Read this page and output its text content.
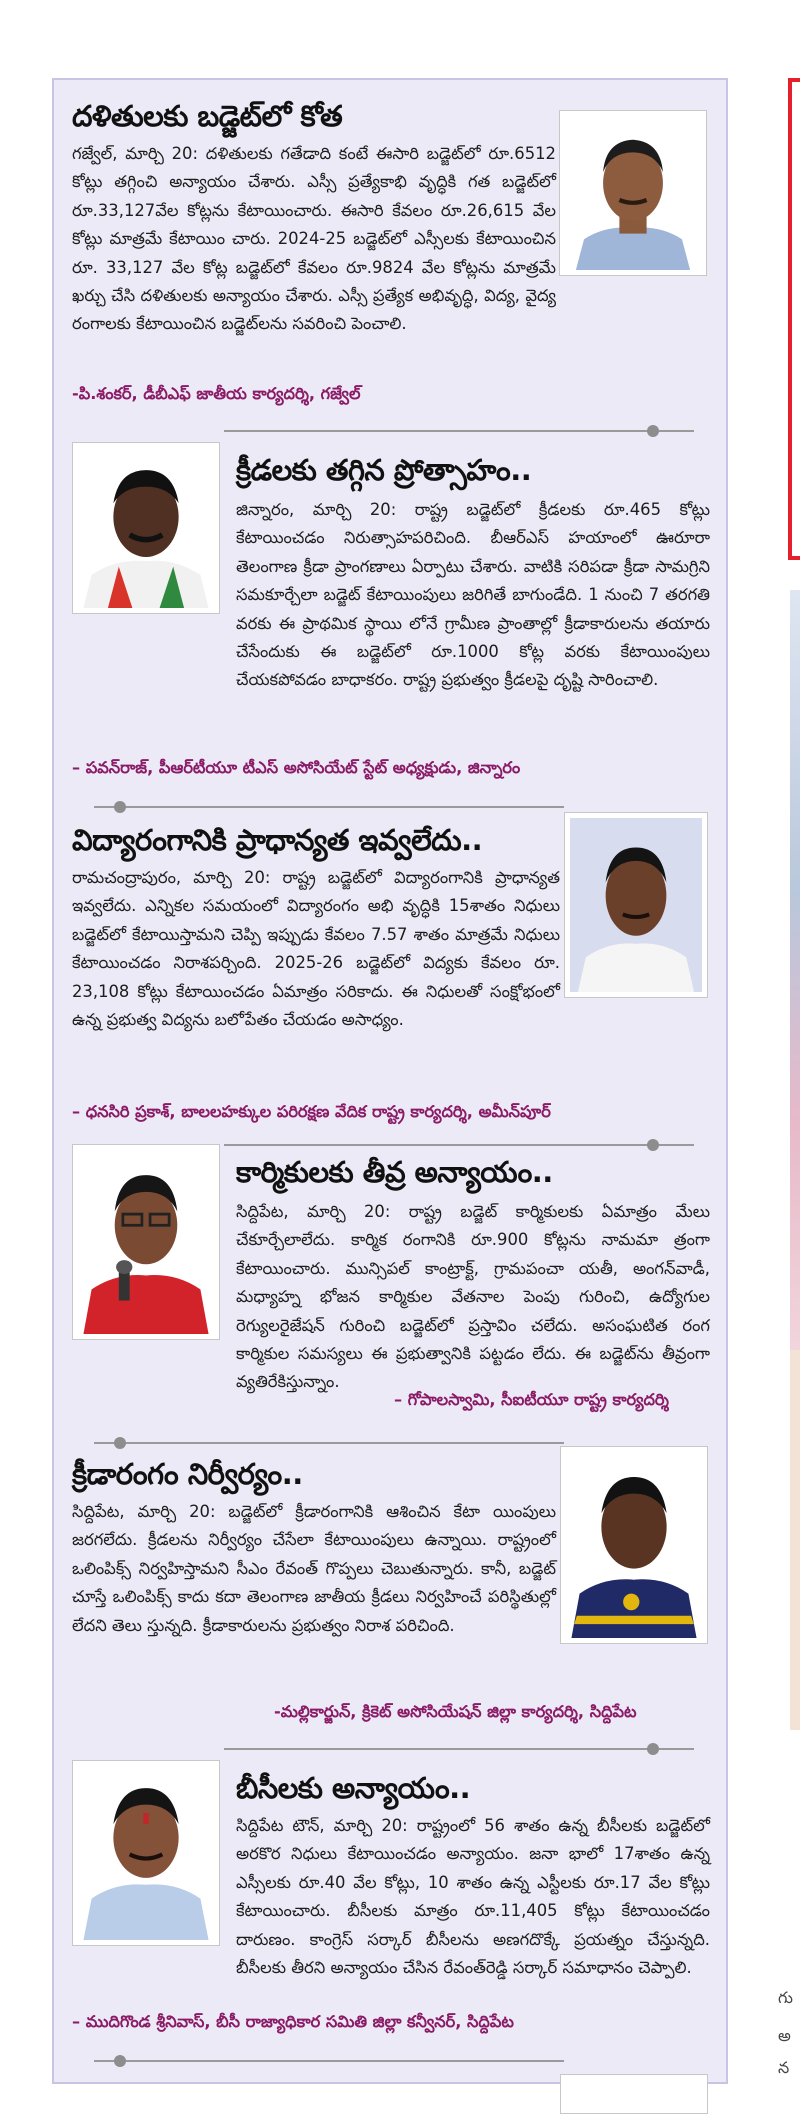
గు
అ
న
దళితులకు బడ్జెట్‌లో కోత

గజ్వేల్‌, మార్చి 20: దళితులకు గతేడాది కంటే ఈసారి బడ్జెట్‌లో రూ.6512 కోట్లు తగ్గించి అన్యాయం చేశారు. ఎస్సీ ప్రత్యేకాభి వృద్ధికి గత బడ్జెట్‌లో రూ.33,127వేల కోట్లను కేటాయించారు. ఈసారి కేవలం రూ.26,615 వేల కోట్లు మాత్రమే కేటాయిం చారు. 2024-25 బడ్జెట్‌లో ఎస్సీలకు కేటాయించిన రూ. 33,127 వేల కోట్ల బడ్జెట్‌లో కేవలం రూ.9824 వేల కోట్లను మాత్రమే ఖర్చు చేసి దళితులకు అన్యాయం చేశారు. ఎస్సీ ప్రత్యేక అభివృద్ధి, విద్య, వైద్య రంగాలకు కేటాయించిన బడ్జెట్‌లను సవరించి పెంచాలి.

-పి.శంకర్‌, డీబీఎఫ్‌ జాతీయ కార్యదర్శి, గజ్వేల్‌
క్రీడలకు తగ్గిన ప్రోత్సాహం..

జిన్నారం, మార్చి 20: రాష్ట్ర బడ్జెట్‌లో క్రీడలకు రూ.465 కోట్లు కేటాయించడం నిరుత్సాహపరిచింది. బీఆర్‌ఎస్‌ హయాంలో ఊరూరా తెలంగాణ క్రీడా ప్రాంగణాలు ఏర్పాటు చేశారు. వాటికి సరిపడా క్రీడా సామగ్రిని సమకూర్చేలా బడ్జెట్‌ కేటాయింపులు జరిగితే బాగుండేది. 1 నుంచి 7 తరగతి వరకు ఈ ప్రాథమిక స్థాయి లోనే గ్రామీణ ప్రాంతాల్లో క్రీడాకారులను తయారు చేసేందుకు ఈ బడ్జెట్‌లో రూ.1000 కోట్ల వరకు కేటాయింపులు చేయకపోవడం బాధాకరం. రాష్ట్ర ప్రభుత్వం క్రీడలపై దృష్టి సారించాలి.

– పవన్‌రాజ్‌, పీఆర్‌టీయూ టీఎస్‌ అసోసియేట్‌ స్టేట్‌ అధ్యక్షుడు, జిన్నారం
విద్యారంగానికి ప్రాధాన్యత ఇవ్వలేదు..

రామచంద్రాపురం, మార్చి 20: రాష్ట్ర బడ్జెట్‌లో విద్యారంగానికి ప్రాధాన్యత ఇవ్వలేదు. ఎన్నికల సమయంలో విద్యారంగం అభి వృద్ధికి 15శాతం నిధులు బడ్జెట్‌లో కేటాయిస్తామని చెప్పి ఇప్పుడు కేవలం 7.57 శాతం మాత్రమే నిధులు కేటాయించడం నిరాశపర్చింది. 2025-26 బడ్జెట్‌లో విద్యకు కేవలం రూ. 23,108 కోట్లు కేటాయించడం ఏమాత్రం సరికాదు. ఈ నిధులతో సంక్షోభంలో ఉన్న ప్రభుత్వ విద్యను బలోపేతం చేయడం అసాధ్యం.

– ధనసిరి ప్రకాశ్‌, బాలలహక్కుల పరిరక్షణ వేదిక రాష్ట్ర కార్యదర్శి, అమీన్‌పూర్‌
కార్మికులకు తీవ్ర అన్యాయం..

సిద్దిపేట, మార్చి 20: రాష్ట్ర బడ్జెట్‌ కార్మికులకు ఏమాత్రం మేలు చేకూర్చేలాలేదు. కార్మిక రంగానికి రూ.900 కోట్లను నామమా త్రంగా కేటాయించారు. మున్సిపల్‌ కాంట్రాక్ట్‌, గ్రామపంచా యతీ, అంగన్‌వాడీ, మధ్యాహ్న భోజన కార్మికుల వేతనాల పెంపు గురించి, ఉద్యోగుల రెగ్యులరైజేషన్‌ గురించి బడ్జెట్‌లో ప్రస్తావిం చలేదు. అసంఘటిత రంగ కార్మికుల సమస్యలు ఈ ప్రభుత్వానికి పట్టడం లేదు. ఈ బడ్జెట్‌ను తీవ్రంగా వ్యతిరేకిస్తున్నాం.

– గోపాలస్వామి, సీఐటీయూ రాష్ట్ర కార్యదర్శి
క్రీడారంగం నిర్వీర్యం..

సిద్దిపేట, మార్చి 20: బడ్జెట్‌లో క్రీడారంగానికి ఆశించిన కేటా యింపులు జరగలేదు. క్రీడలను నిర్వీర్యం చేసేలా కేటాయింపులు ఉన్నాయి. రాష్ట్రంలో ఒలింపిక్స్‌ నిర్వహిస్తామని సీఎం రేవంత్‌ గొప్పలు చెబుతున్నారు. కానీ, బడ్జెట్‌ చూస్తే ఒలింపిక్స్‌ కాదు కదా తెలంగాణ జాతీయ క్రీడలు నిర్వహించే పరిస్థితుల్లో లేదని తెలు స్తున్నది. క్రీడాకారులను ప్రభుత్వం నిరాశ పరిచింది.

-మల్లికార్జున్‌, క్రికెట్‌ అసోసియేషన్‌ జిల్లా కార్యదర్శి, సిద్దిపేట
బీసీలకు అన్యాయం..

సిద్దిపేట టౌన్‌, మార్చి 20: రాష్ట్రంలో 56 శాతం ఉన్న బీసీలకు బడ్జెట్‌లో అరకొర నిధులు కేటాయించడం అన్యాయం. జనా భాలో 17శాతం ఉన్న ఎస్సీలకు రూ.40 వేల కోట్లు, 10 శాతం ఉన్న ఎస్టీలకు రూ.17 వేల కోట్లు కేటాయించారు. బీసీలకు మాత్రం రూ.11,405 కోట్లు కేటాయించడం దారుణం. కాంగ్రెస్‌ సర్కార్‌ బీసీలను అణగదొక్కే ప్రయత్నం చేస్తున్నది. బీసీలకు తీరని అన్యాయం చేసిన రేవంత్‌రెడ్డి సర్కార్‌ సమాధానం చెప్పాలి.

– ముదిగొండ శ్రీనివాస్‌, బీసీ రాజ్యాధికార సమితి జిల్లా కన్వీనర్‌, సిద్దిపేట
